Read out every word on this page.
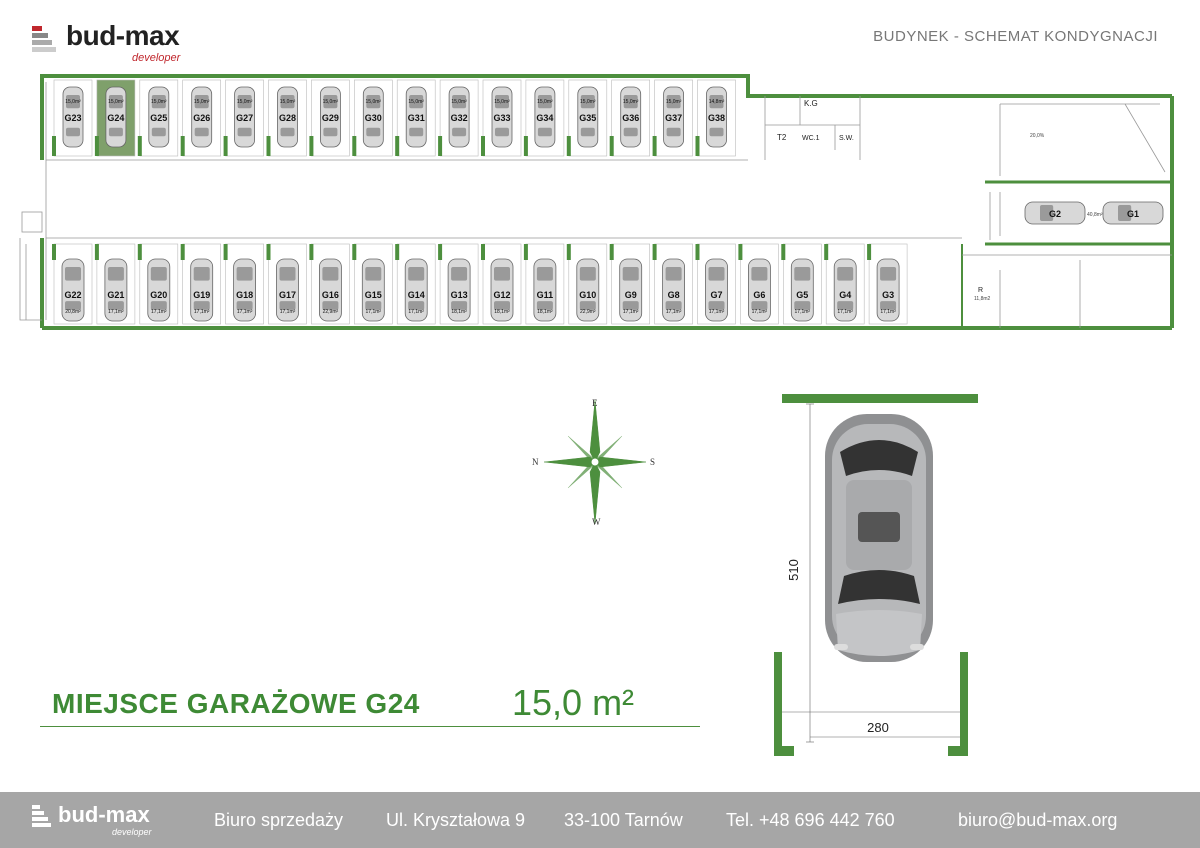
bud-max
developer
BUDYNEK - SCHEMAT KONDYGNACJI
K.G
T2 WC.1	S.W.
R
11,8m2
20,0%
40,8m²
15,0m²
G23
15,0m²
G24
15,0m²
G25
15,0m²
G26
15,0m²
G27
15,0m²
G28
15,0m²
G29
15,0m²
G30
15,0m²
G31
15,0m²
G32
15,0m²
G33
15,0m²
G34
15,0m²
G35
15,0m²
G36
15,0m²
G37
14,8m²
G38
G22
20,8m²
G21
17,1m²
G20
17,1m²
G19
17,1m²
G18
17,1m²
G17
17,1m²
G16
22,9m²
G15
17,1m²
G14
17,1m²
G13
18,1m²
G12
18,1m²
G11
18,1m²
G10
22,9m²
G9
17,1m²
G8
17,1m²
G7
17,1m²
G6
17,1m²
G5
17,1m²
G4
17,1m²
G3
17,1m²
G2	G1
E
W
N	S
510
280
MIEJSCE GARAŻOWE G24	15,0 m²
bud-max
developer
Biuro sprzedaży Ul. Kryształowa 9 33-100 Tarnów Tel. +48 696 442 760	biuro@bud-max.org
